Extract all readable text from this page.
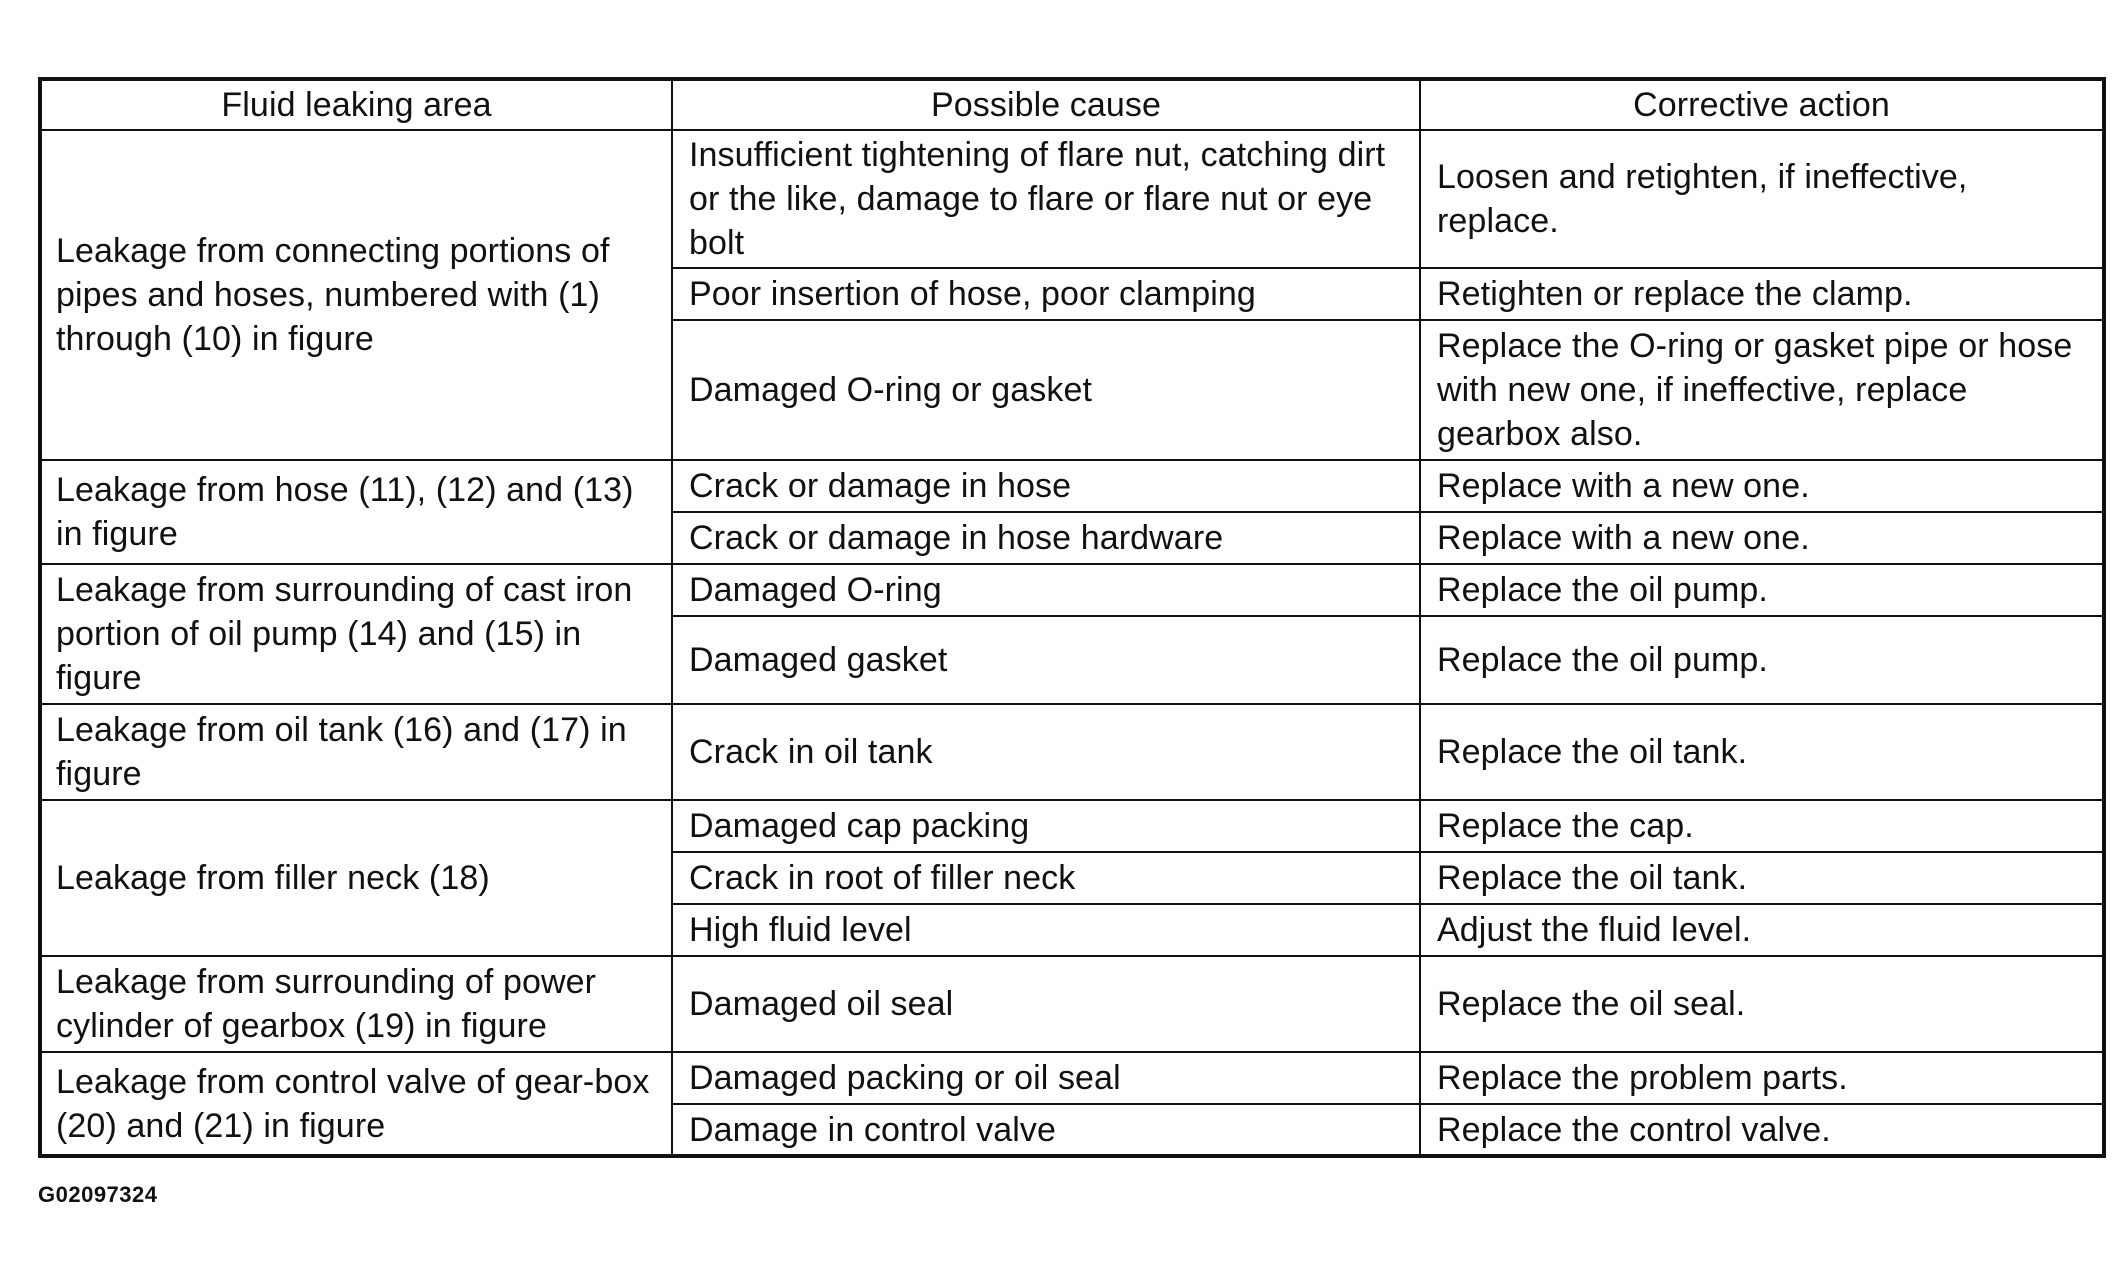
Fluid leaking area	Possible cause	Corrective action
Leakage from connecting portions of pipes and hoses, numbered with (1) through (10) in figure	Insufficient tightening of flare nut, catching dirt or the like, damage to flare or flare nut or eye bolt	Loosen and retighten, if ineffective, replace.
	Poor insertion of hose, poor clamping	Retighten or replace the clamp.
	Damaged O-ring or gasket	Replace the O-ring or gasket pipe or hose with new one, if ineffective, replace gearbox also.
Leakage from hose (11), (12) and (13) in figure	Crack or damage in hose	Replace with a new one.
	Crack or damage in hose hardware	Replace with a new one.
Leakage from surrounding of cast iron portion of oil pump (14) and (15) in figure	Damaged O-ring	Replace the oil pump.
	Damaged gasket	Replace the oil pump.
Leakage from oil tank (16) and (17) in figure	Crack in oil tank	Replace the oil tank.
Leakage from filler neck (18)	Damaged cap packing	Replace the cap.
	Crack in root of filler neck	Replace the oil tank.
	High fluid level	Adjust the fluid level.
Leakage from surrounding of power cylinder of gearbox (19) in figure	Damaged oil seal	Replace the oil seal.
Leakage from control valve of gear-box (20) and (21) in figure	Damaged packing or oil seal	Replace the problem parts.
	Damage in control valve	Replace the control valve.
G02097324
